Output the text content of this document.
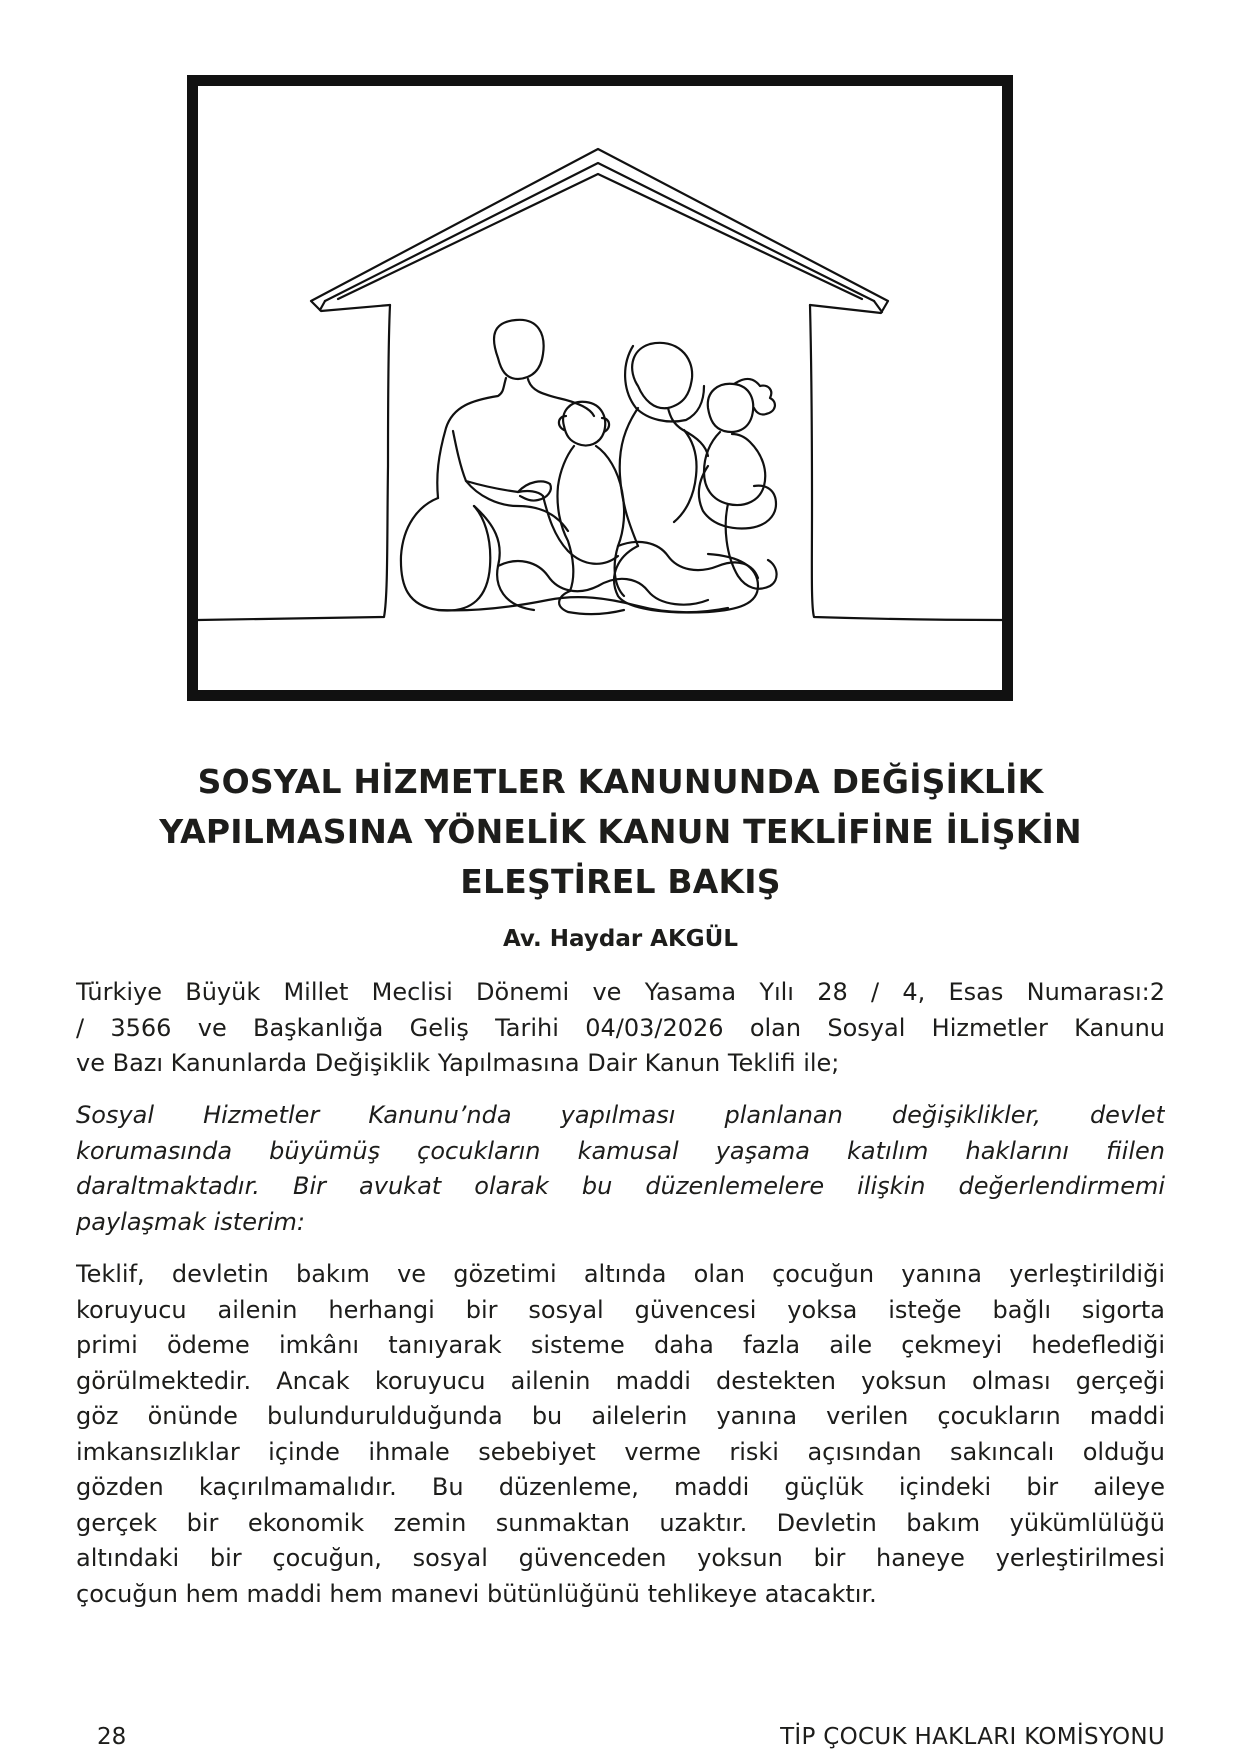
SOSYAL HİZMETLER KANUNUNDA DEĞİŞİKLİK
YAPILMASINA YÖNELİK KANUN TEKLİFİNE İLİŞKİN
ELEŞTİREL BAKIŞ
Av. Haydar AKGÜL
Türkiye Büyük Millet Meclisi Dönemi ve Yasama Yılı 28 / 4, Esas Numarası:2
/ 3566 ve Başkanlığa Geliş Tarihi 04/03/2026 olan Sosyal Hizmetler Kanunu
ve Bazı Kanunlarda Değişiklik Yapılmasına Dair Kanun Teklifi ile;
Sosyal Hizmetler Kanunu’nda yapılması planlanan değişiklikler, devlet
korumasında büyümüş çocukların kamusal yaşama katılım haklarını fiilen
daraltmaktadır. Bir avukat olarak bu düzenlemelere ilişkin değerlendirmemi
paylaşmak isterim:
Teklif, devletin bakım ve gözetimi altında olan çocuğun yanına yerleştirildiği
koruyucu ailenin herhangi bir sosyal güvencesi yoksa isteğe bağlı sigorta
primi ödeme imkânı tanıyarak sisteme daha fazla aile çekmeyi hedeflediği
görülmektedir. Ancak koruyucu ailenin maddi destekten yoksun olması gerçeği
göz önünde bulundurulduğunda bu ailelerin yanına verilen çocukların maddi
imkansızlıklar içinde ihmale sebebiyet verme riski açısından sakıncalı olduğu
gözden kaçırılmamalıdır. Bu düzenleme, maddi güçlük içindeki bir aileye
gerçek bir ekonomik zemin sunmaktan uzaktır. Devletin bakım yükümlülüğü
altındaki bir çocuğun, sosyal güvenceden yoksun bir haneye yerleştirilmesi
çocuğun hem maddi hem manevi bütünlüğünü tehlikeye atacaktır.
28	TİP ÇOCUK HAKLARI KOMİSYONU
